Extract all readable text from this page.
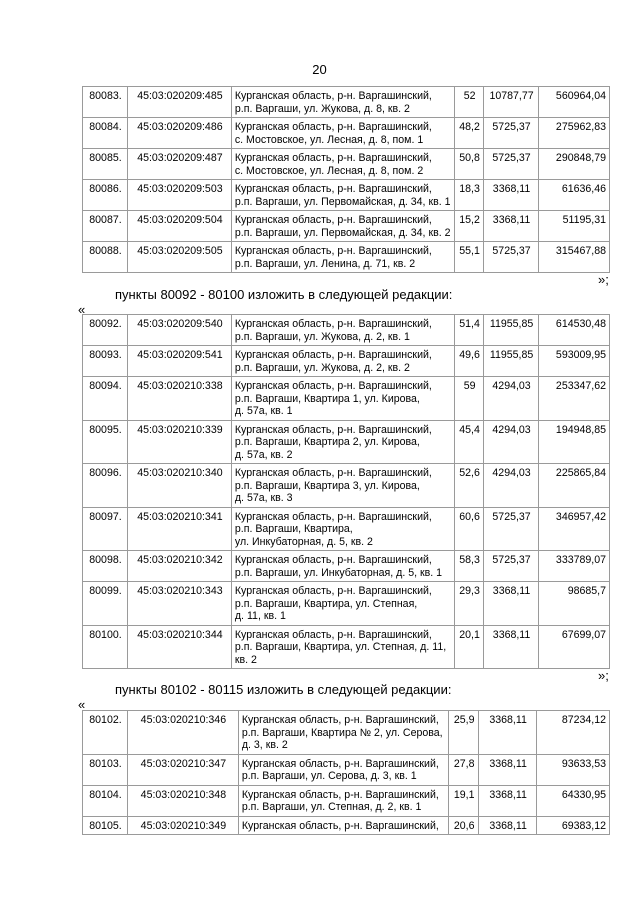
20
80083.	45:03:020209:485	Курганская область, р-н. Варгашинский,
р.п. Варгаши, ул. Жукова, д. 8, кв. 2	52	10787,77	560964,04
80084.	45:03:020209:486	Курганская область, р-н. Варгашинский,
с. Мостовское, ул. Лесная, д. 8, пом. 1	48,2	5725,37	275962,83
80085.	45:03:020209:487	Курганская область, р-н. Варгашинский,
с. Мостовское, ул. Лесная, д. 8, пом. 2	50,8	5725,37	290848,79
80086.	45:03:020209:503	Курганская область, р-н. Варгашинский,
р.п. Варгаши, ул. Первомайская, д. 34, кв. 1	18,3	3368,11	61636,46
80087.	45:03:020209:504	Курганская область, р-н. Варгашинский,
р.п. Варгаши, ул. Первомайская, д. 34, кв. 2	15,2	3368,11	51195,31
80088.	45:03:020209:505	Курганская область, р-н. Варгашинский,
р.п. Варгаши, ул. Ленина, д. 71, кв. 2	55,1	5725,37	315467,88
»;
пункты 80092 - 80100 изложить в следующей редакции:
«
80092.	45:03:020209:540	Курганская область, р-н. Варгашинский,
р.п. Варгаши, ул. Жукова, д. 2, кв. 1	51,4	11955,85	614530,48
80093.	45:03:020209:541	Курганская область, р-н. Варгашинский,
р.п. Варгаши, ул. Жукова, д. 2, кв. 2	49,6	11955,85	593009,95
80094.	45:03:020210:338	Курганская область, р-н. Варгашинский,
р.п. Варгаши, Квартира 1, ул. Кирова,
д. 57а, кв. 1	59	4294,03	253347,62
80095.	45:03:020210:339	Курганская область, р-н. Варгашинский,
р.п. Варгаши, Квартира 2, ул. Кирова,
д. 57а, кв. 2	45,4	4294,03	194948,85
80096.	45:03:020210:340	Курганская область, р-н. Варгашинский,
р.п. Варгаши, Квартира 3, ул. Кирова,
д. 57а, кв. 3	52,6	4294,03	225865,84
80097.	45:03:020210:341	Курганская область, р-н. Варгашинский,
р.п. Варгаши, Квартира,
ул. Инкубаторная, д. 5, кв. 2	60,6	5725,37	346957,42
80098.	45:03:020210:342	Курганская область, р-н. Варгашинский,
р.п. Варгаши, ул. Инкубаторная, д. 5, кв. 1	58,3	5725,37	333789,07
80099.	45:03:020210:343	Курганская область, р-н. Варгашинский,
р.п. Варгаши, Квартира, ул. Степная,
д. 11, кв. 1	29,3	3368,11	98685,7
80100.	45:03:020210:344	Курганская область, р-н. Варгашинский,
р.п. Варгаши, Квартира, ул. Степная, д. 11,
кв. 2	20,1	3368,11	67699,07
»;
пункты 80102 - 80115 изложить в следующей редакции:
«
80102.	45:03:020210:346	Курганская область, р-н. Варгашинский,
р.п. Варгаши, Квартира № 2, ул. Серова,
д. 3, кв. 2	25,9	3368,11	87234,12
80103.	45:03:020210:347	Курганская область, р-н. Варгашинский,
р.п. Варгаши, ул. Серова, д. 3, кв. 1	27,8	3368,11	93633,53
80104.	45:03:020210:348	Курганская область, р-н. Варгашинский,
р.п. Варгаши, ул. Степная, д. 2, кв. 1	19,1	3368,11	64330,95
80105.	45:03:020210:349	Курганская область, р-н. Варгашинский,	20,6	3368,11	69383,12
